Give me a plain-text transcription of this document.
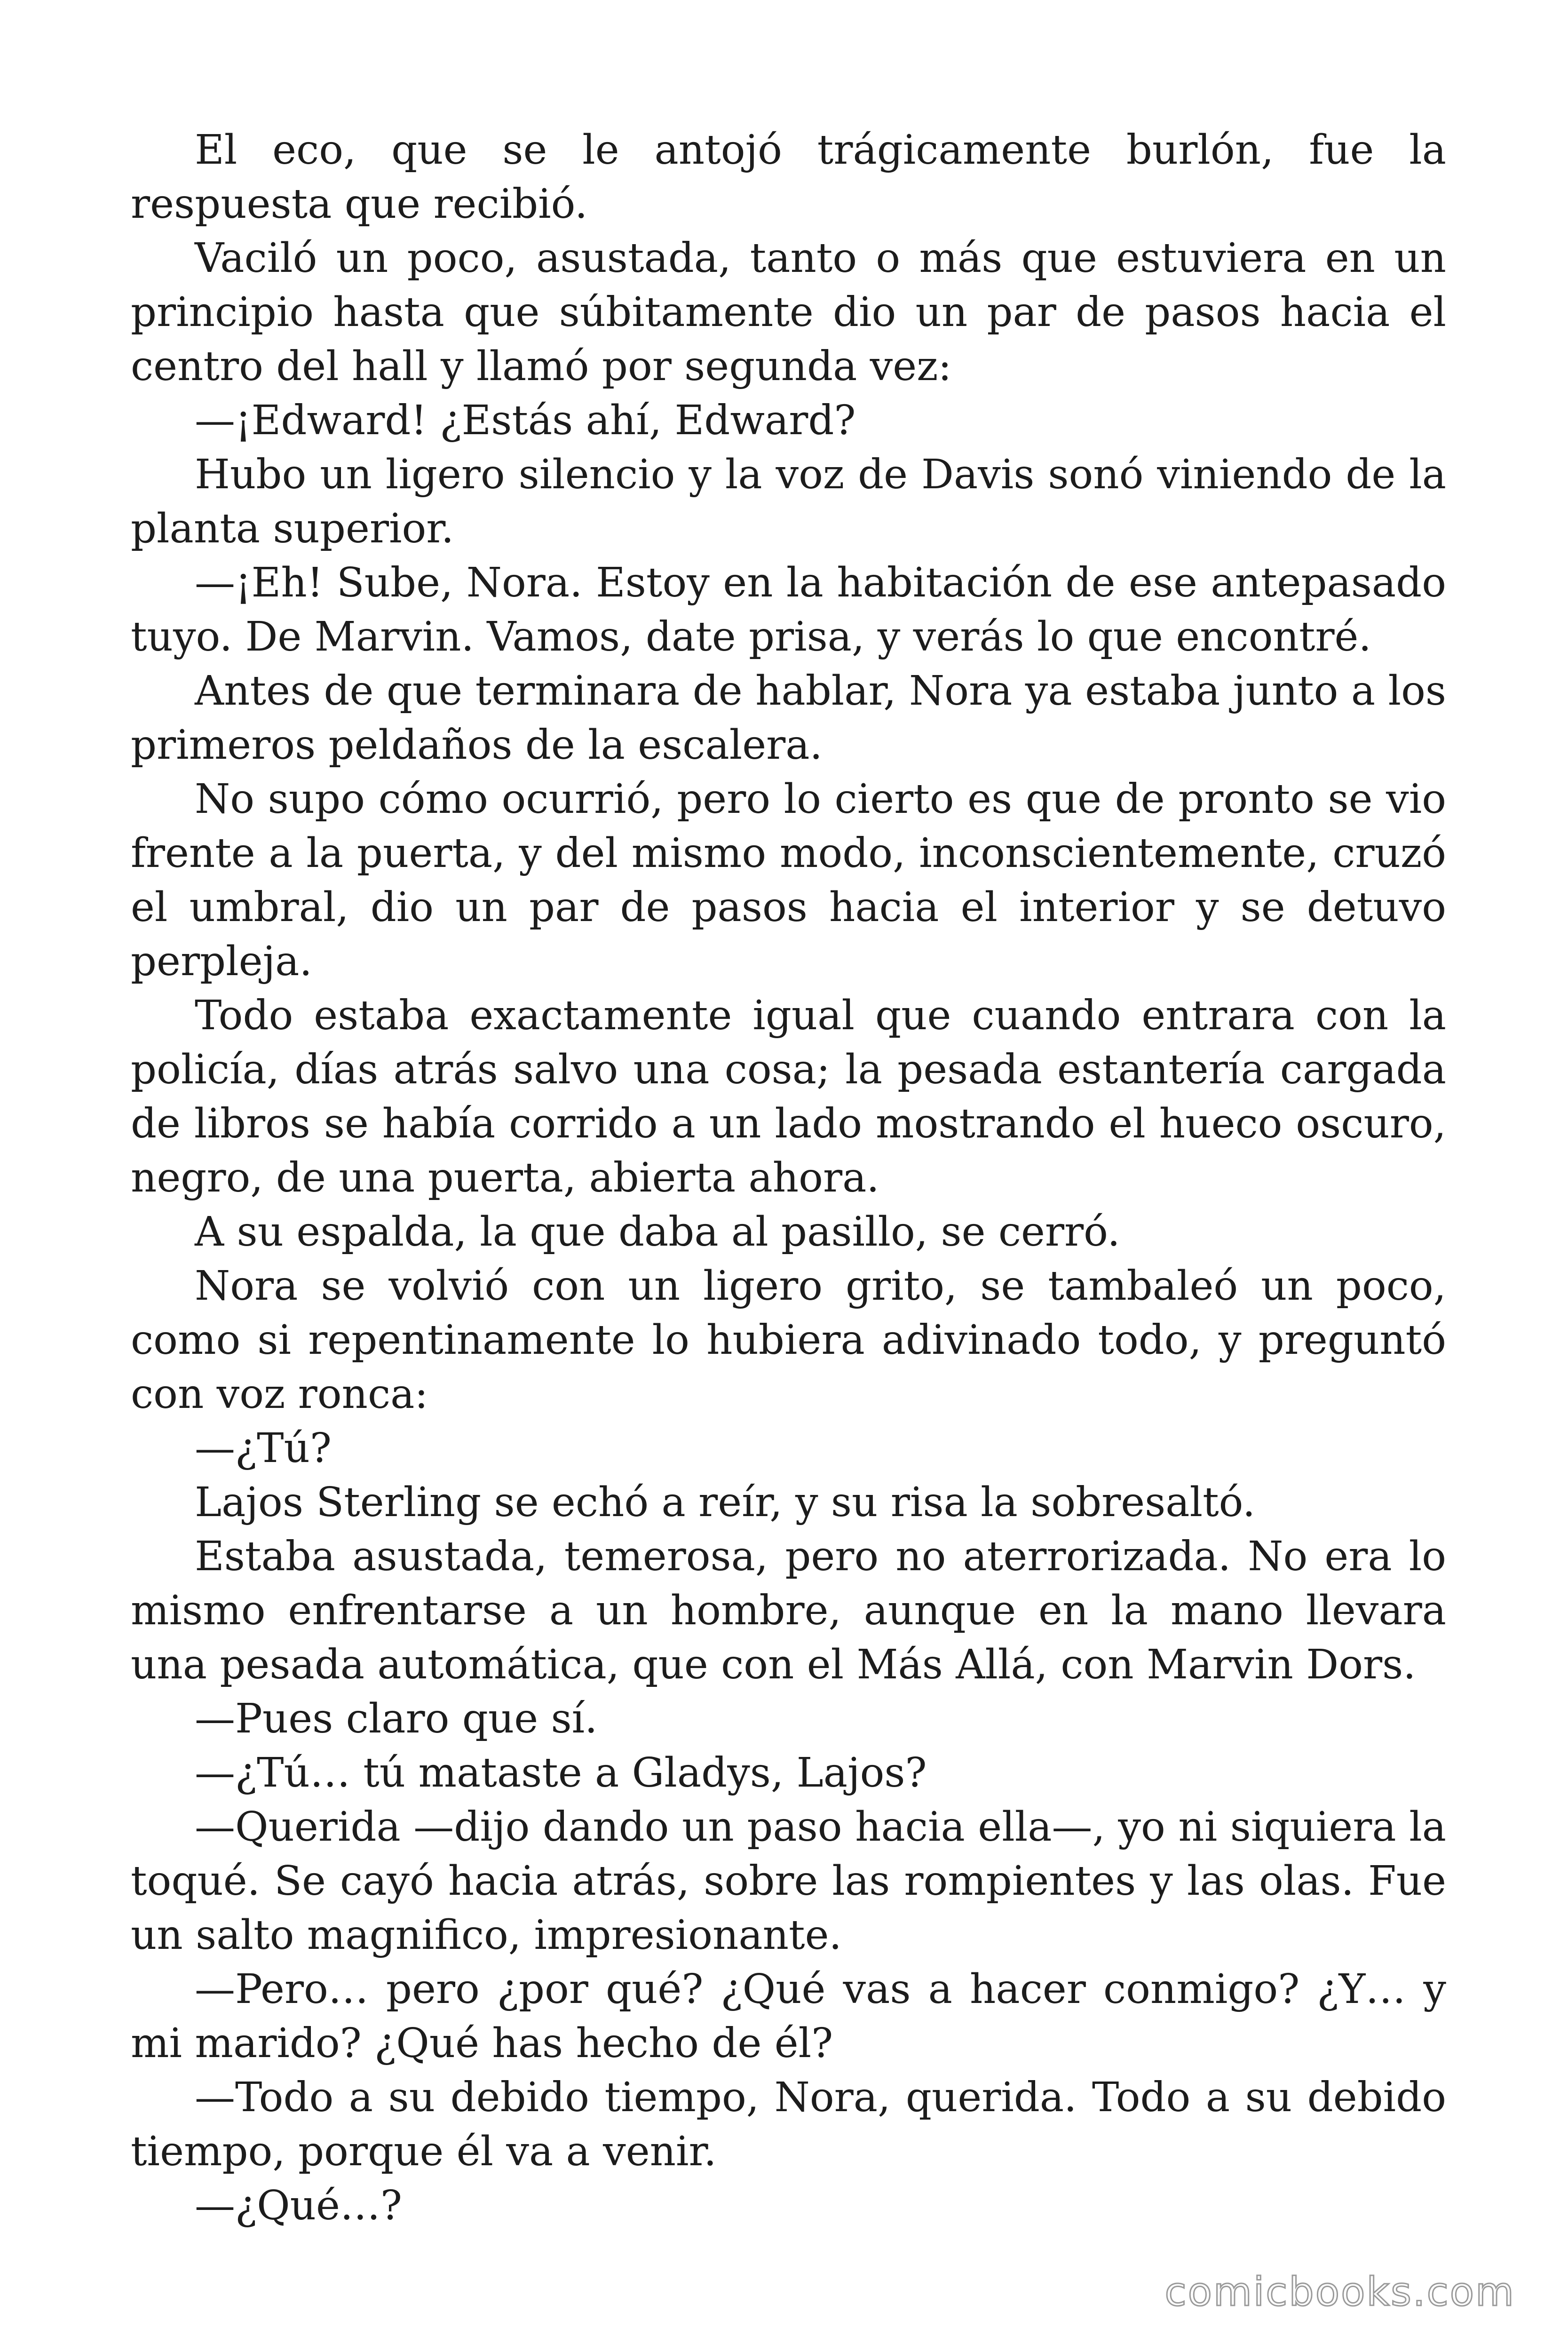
El eco, que se le antojó trágicamente burlón, fue la respuesta que recibió.

Vaciló un poco, asustada, tanto o más que estuviera en un principio hasta que súbitamente dio un par de pasos hacia el centro del hall y llamó por segunda vez:

—¡Edward! ¿Estás ahí, Edward?

Hubo un ligero silencio y la voz de Davis sonó viniendo de la planta superior.

—¡Eh! Sube, Nora. Estoy en la habitación de ese antepasado tuyo. De Marvin. Vamos, date prisa, y verás lo que encontré.

Antes de que terminara de hablar, Nora ya estaba junto a los primeros peldaños de la escalera.

No supo cómo ocurrió, pero lo cierto es que de pronto se vio frente a la puerta, y del mismo modo, inconscientemente, cruzó el umbral, dio un par de pasos hacia el interior y se detuvo perpleja.

Todo estaba exactamente igual que cuando entrara con la policía, días atrás salvo una cosa; la pesada estantería cargada de libros se había corrido a un lado mostrando el hueco oscuro, negro, de una puerta, abierta ahora.

A su espalda, la que daba al pasillo, se cerró.

Nora se volvió con un ligero grito, se tambaleó un poco, como si repentinamente lo hubiera adivinado todo, y preguntó con voz ronca:

—¿Tú?

Lajos Sterling se echó a reír, y su risa la sobresaltó.

Estaba asustada, temerosa, pero no aterrorizada. No era lo mismo enfrentarse a un hombre, aunque en la mano llevara una pesada automática, que con el Más Allá, con Marvin Dors.

—Pues claro que sí.

—¿Tú… tú mataste a Gladys, Lajos?

—Querida —dijo dando un paso hacia ella—, yo ni siquiera la toqué. Se cayó hacia atrás, sobre las rompientes y las olas. Fue un salto magnifico, impresionante.

—Pero… pero ¿por qué? ¿Qué vas a hacer conmigo? ¿Y… y mi marido? ¿Qué has hecho de él?

—Todo a su debido tiempo, Nora, querida. Todo a su debido tiempo, porque él va a venir.

—¿Qué…?

comicbooks.com
